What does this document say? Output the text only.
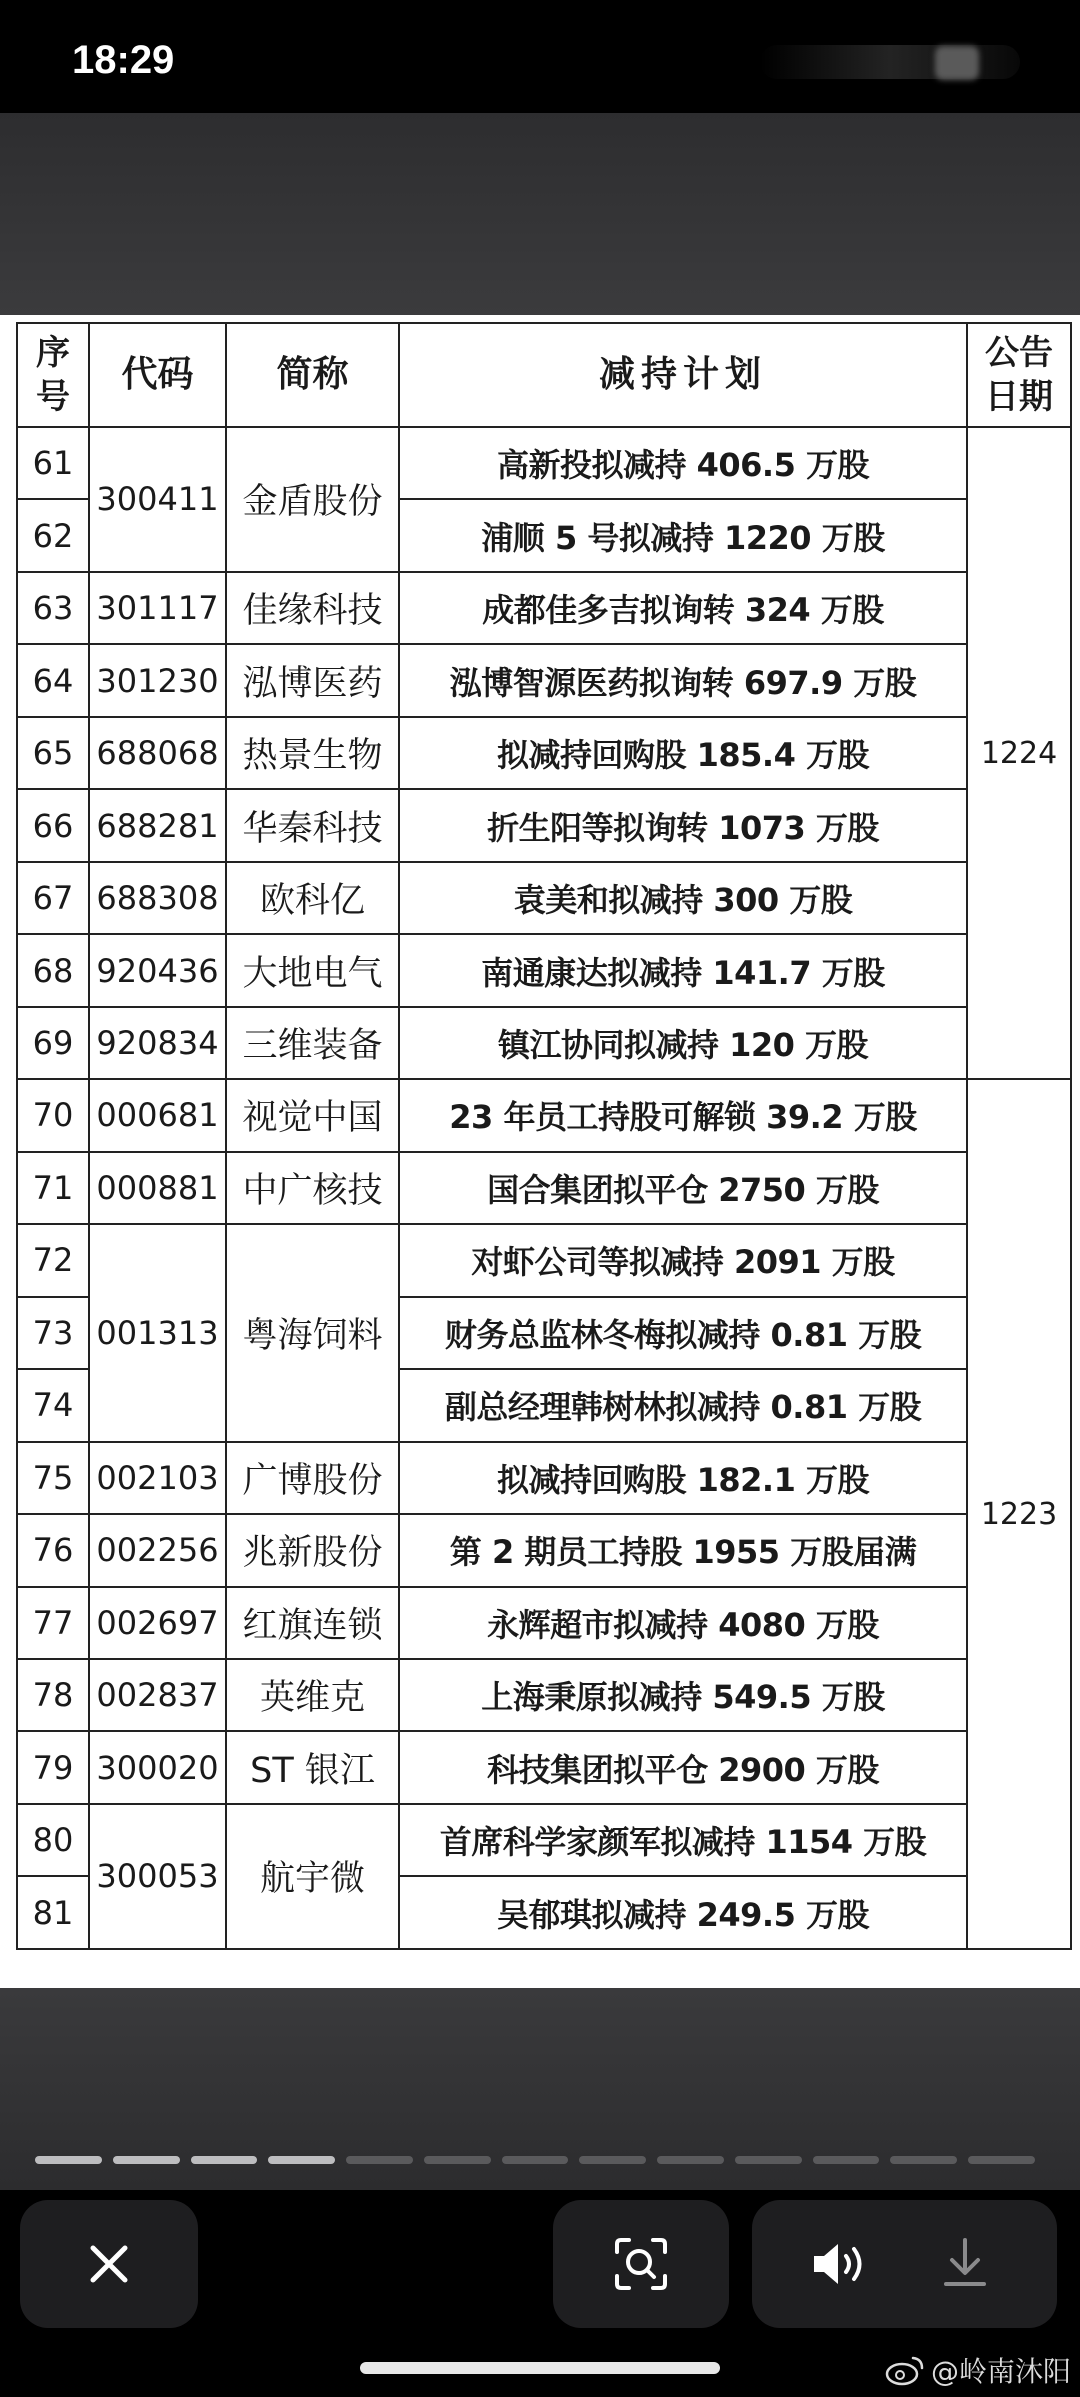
18:29
序号	代码	简称	减持计划	公告日期
61	300411	金盾股份	高新投拟减持 406.5 万股	1224
62			浦顺 5 号拟减持 1220 万股	
63	301117	佳缘科技	成都佳多吉拟询转 324 万股	
64	301230	泓博医药	泓博智源医药拟询转 697.9 万股	
65	688068	热景生物	拟减持回购股 185.4 万股	
66	688281	华秦科技	折生阳等拟询转 1073 万股	
67	688308	欧科亿	袁美和拟减持 300 万股	
68	920436	大地电气	南通康达拟减持 141.7 万股	
69	920834	三维装备	镇江协同拟减持 120 万股	
70	000681	视觉中国	23 年员工持股可解锁 39.2 万股	1223
71	000881	中广核技	国合集团拟平仓 2750 万股	
72	001313	粤海饲料	对虾公司等拟减持 2091 万股	
73			财务总监林冬梅拟减持 0.81 万股	
74			副总经理韩树林拟减持 0.81 万股	
75	002103	广博股份	拟减持回购股 182.1 万股	
76	002256	兆新股份	第 2 期员工持股 1955 万股届满	
77	002697	红旗连锁	永辉超市拟减持 4080 万股	
78	002837	英维克	上海秉原拟减持 549.5 万股	
79	300020	ST 银江	科技集团拟平仓 2900 万股	
80	300053	航宇微	首席科学家颜军拟减持 1154 万股	
81			吴郁琪拟减持 249.5 万股	
@岭南沐阳
